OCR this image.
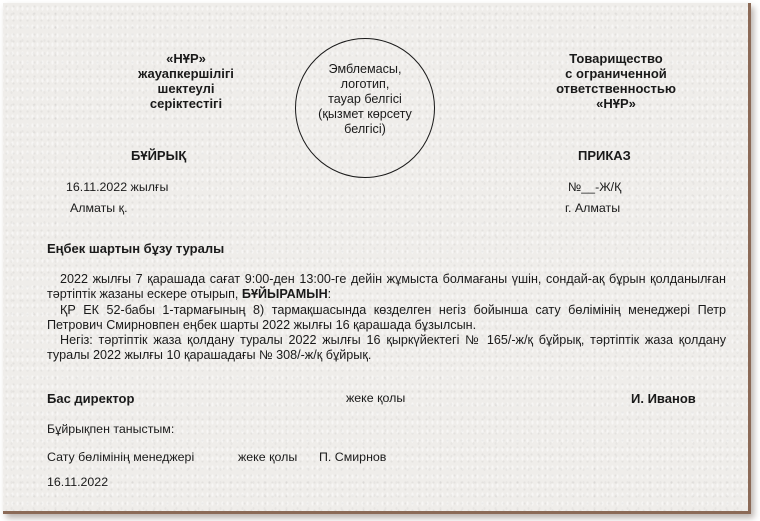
«НҰР»
жауапкершілігі
шектеулі
серіктестігі
Эмблемасы,
логотип,
тауар белгісі
(қызмет көрсету
белгісі)
Товарищество
с ограниченной
ответственностью
«НҰР»
БҰЙРЫҚ	ПРИКАЗ
16.11.2022 жылғы	№__-Ж/Қ
Алматы қ.	г. Алматы
Еңбек шартын бұзу туралы

2022 жылғы 7 қарашада сағат 9:00-ден 13:00-ге дейін жұмыста болмағаны үшін, сондай-ақ бұрын қолданылған тәртіптік жазаны ескере отырып, БҰЙЫРАМЫН:

ҚР ЕК 52-бабы 1-тармағының 8) тармақшасында көзделген негіз бойынша сату бөлімінің менеджері Петр Петрович Смирновпен еңбек шарты 2022 жылғы 16 қарашада бұзылсын.

Негіз: тәртіптік жаза қолдану туралы 2022 жылғы 16 қыркүйектегі № 165/-ж/қ бұйрық, тәртіптік жаза қолдану туралы 2022 жылғы 10 қарашадағы № 308/-ж/қ бұйрық.

Бас директор	жеке қолы	И. Иванов
Бұйрықпен таныстым:
Сату бөлімінің менеджері	жеке қолы П. Смирнов
16.11.2022
